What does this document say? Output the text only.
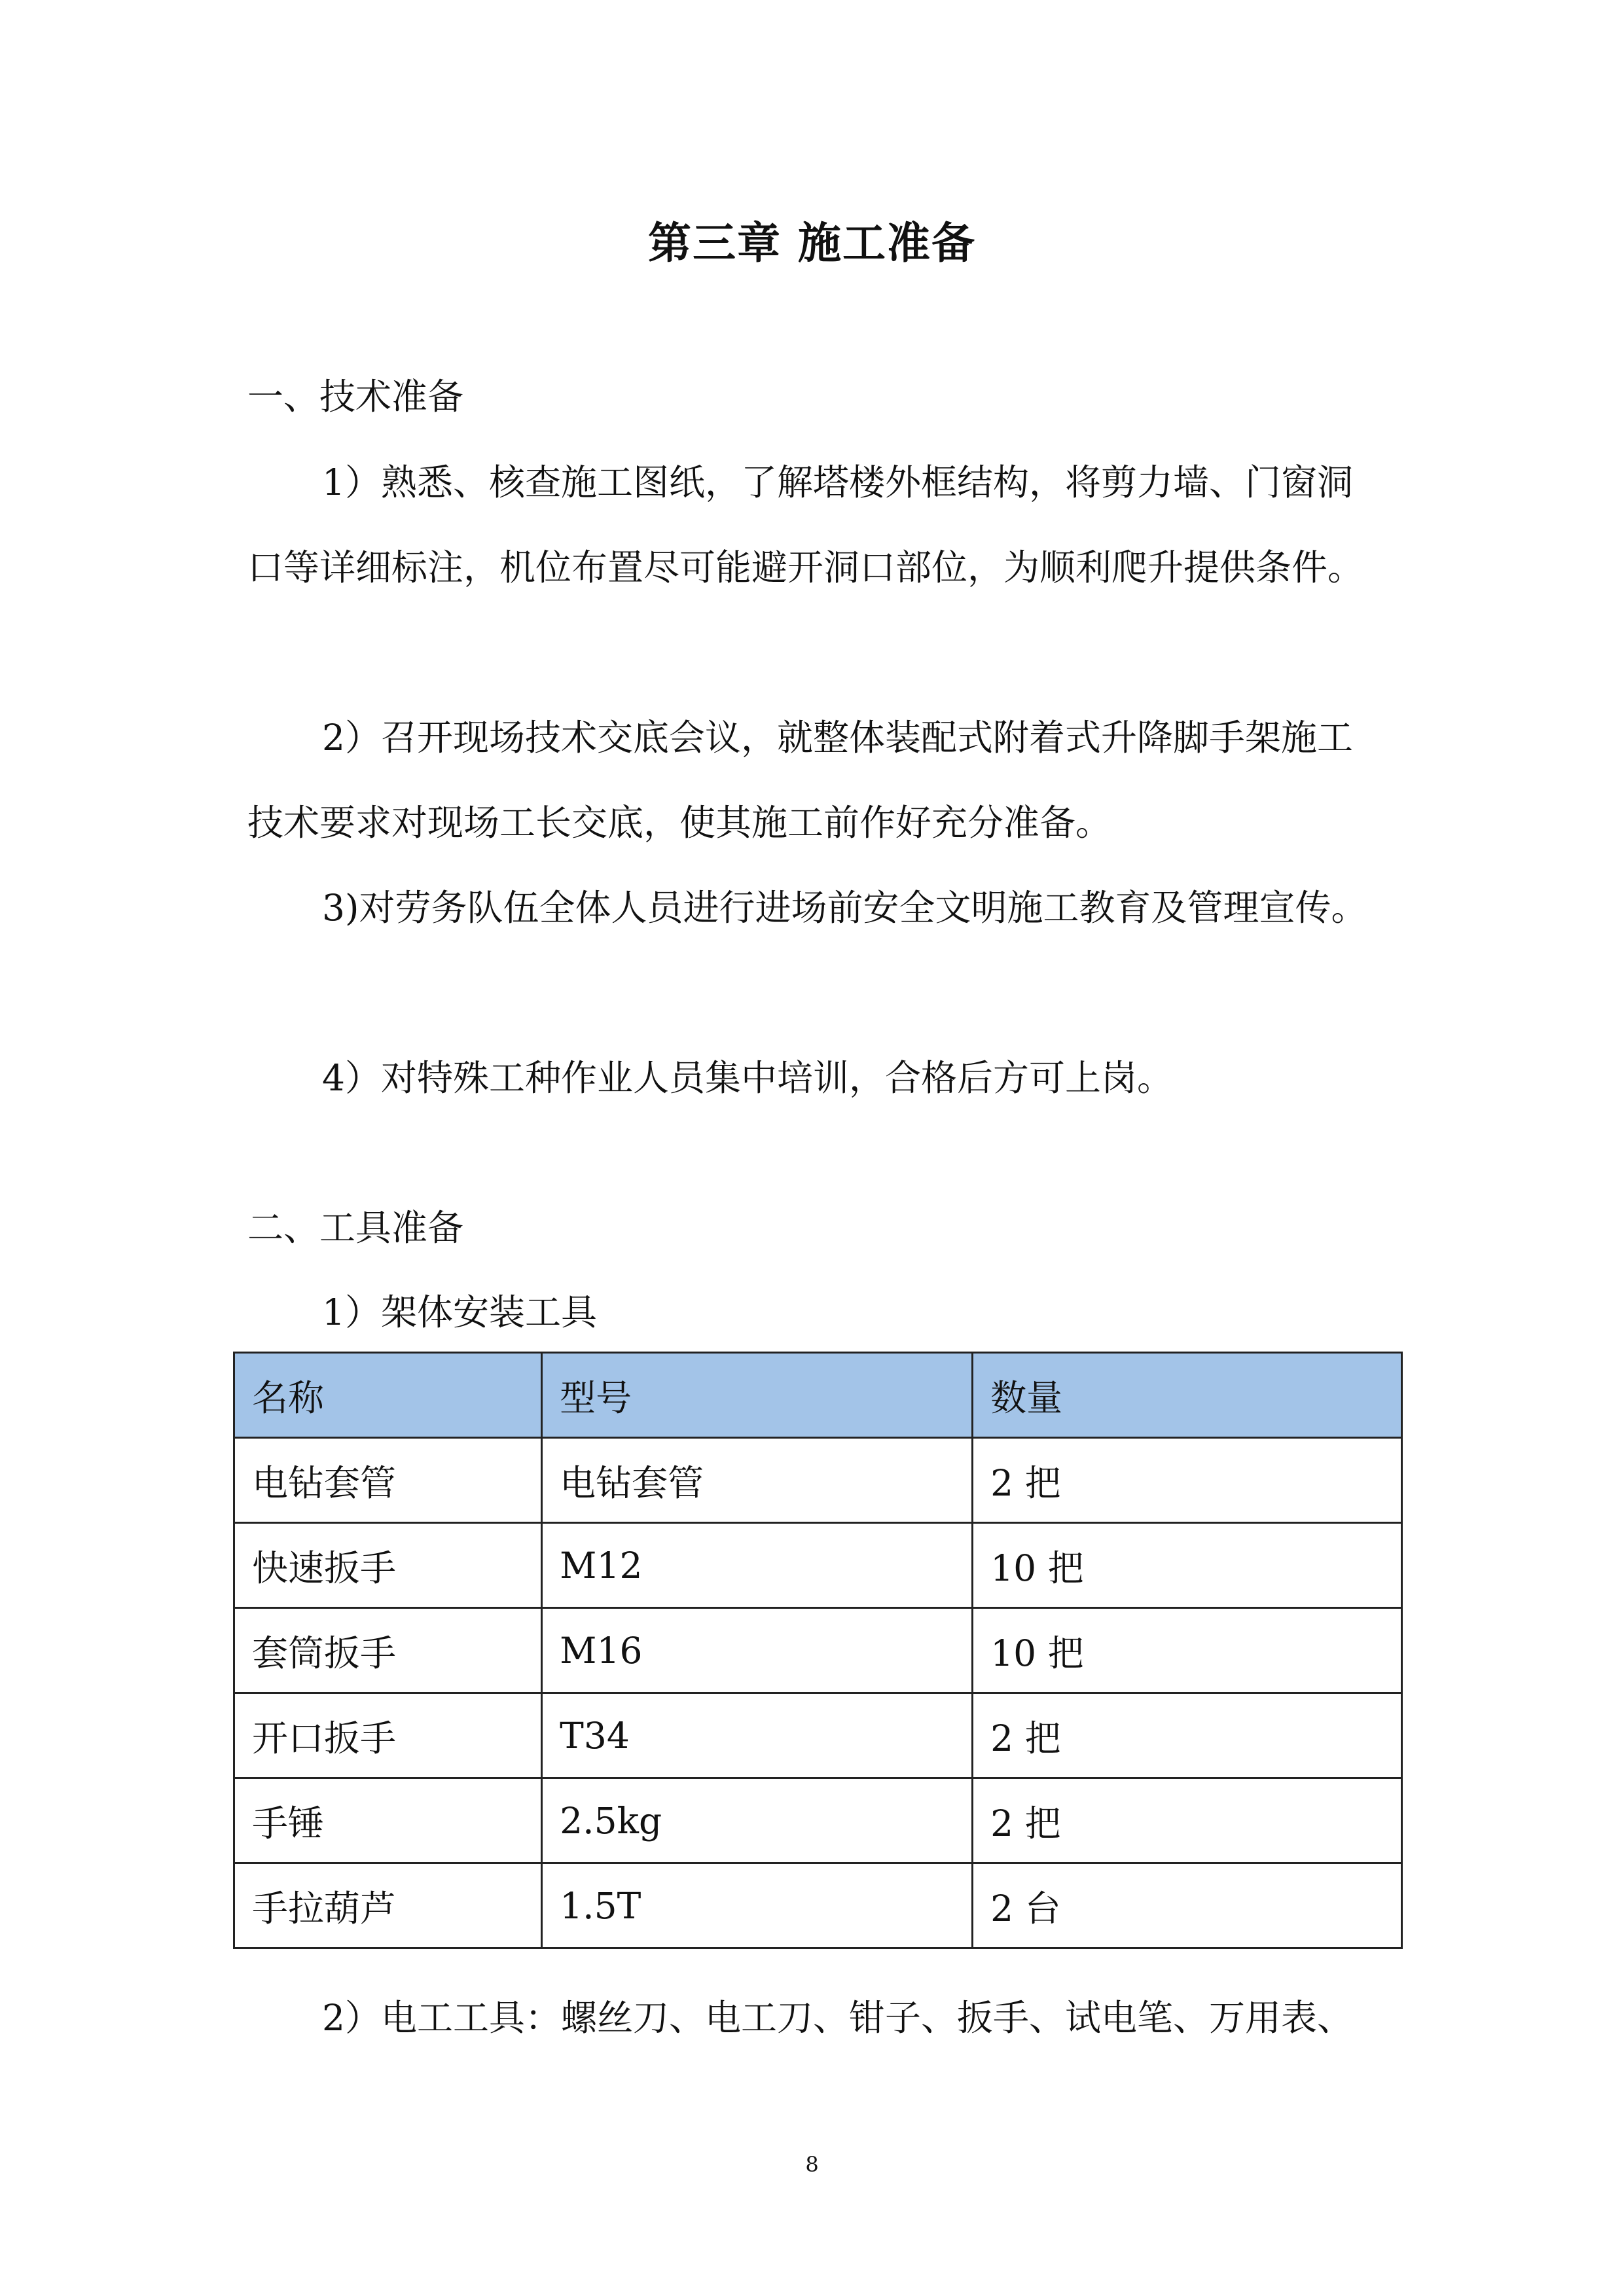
第三章 施工准备
一、技术准备
1）熟悉、核查施工图纸，了解塔楼外框结构，将剪力墙、门窗洞口等详细标注，机位布置尽可能避开洞口部位，为顺利爬升提供条件。
2）召开现场技术交底会议，就整体装配式附着式升降脚手架施工技术要求对现场工长交底，使其施工前作好充分准备。
3)对劳务队伍全体人员进行进场前安全文明施工教育及管理宣传。
4）对特殊工种作业人员集中培训，合格后方可上岗。
二、工具准备
1）架体安装工具
名称	型号	数量
电钻套管	电钻套管	2 把
快速扳手	M12	10 把
套筒扳手	M16	10 把
开口扳手	T34	2 把
手锤	2.5kg	2 把
手拉葫芦	1.5T	2 台
2）电工工具：螺丝刀、电工刀、钳子、扳手、试电笔、万用表、
8
